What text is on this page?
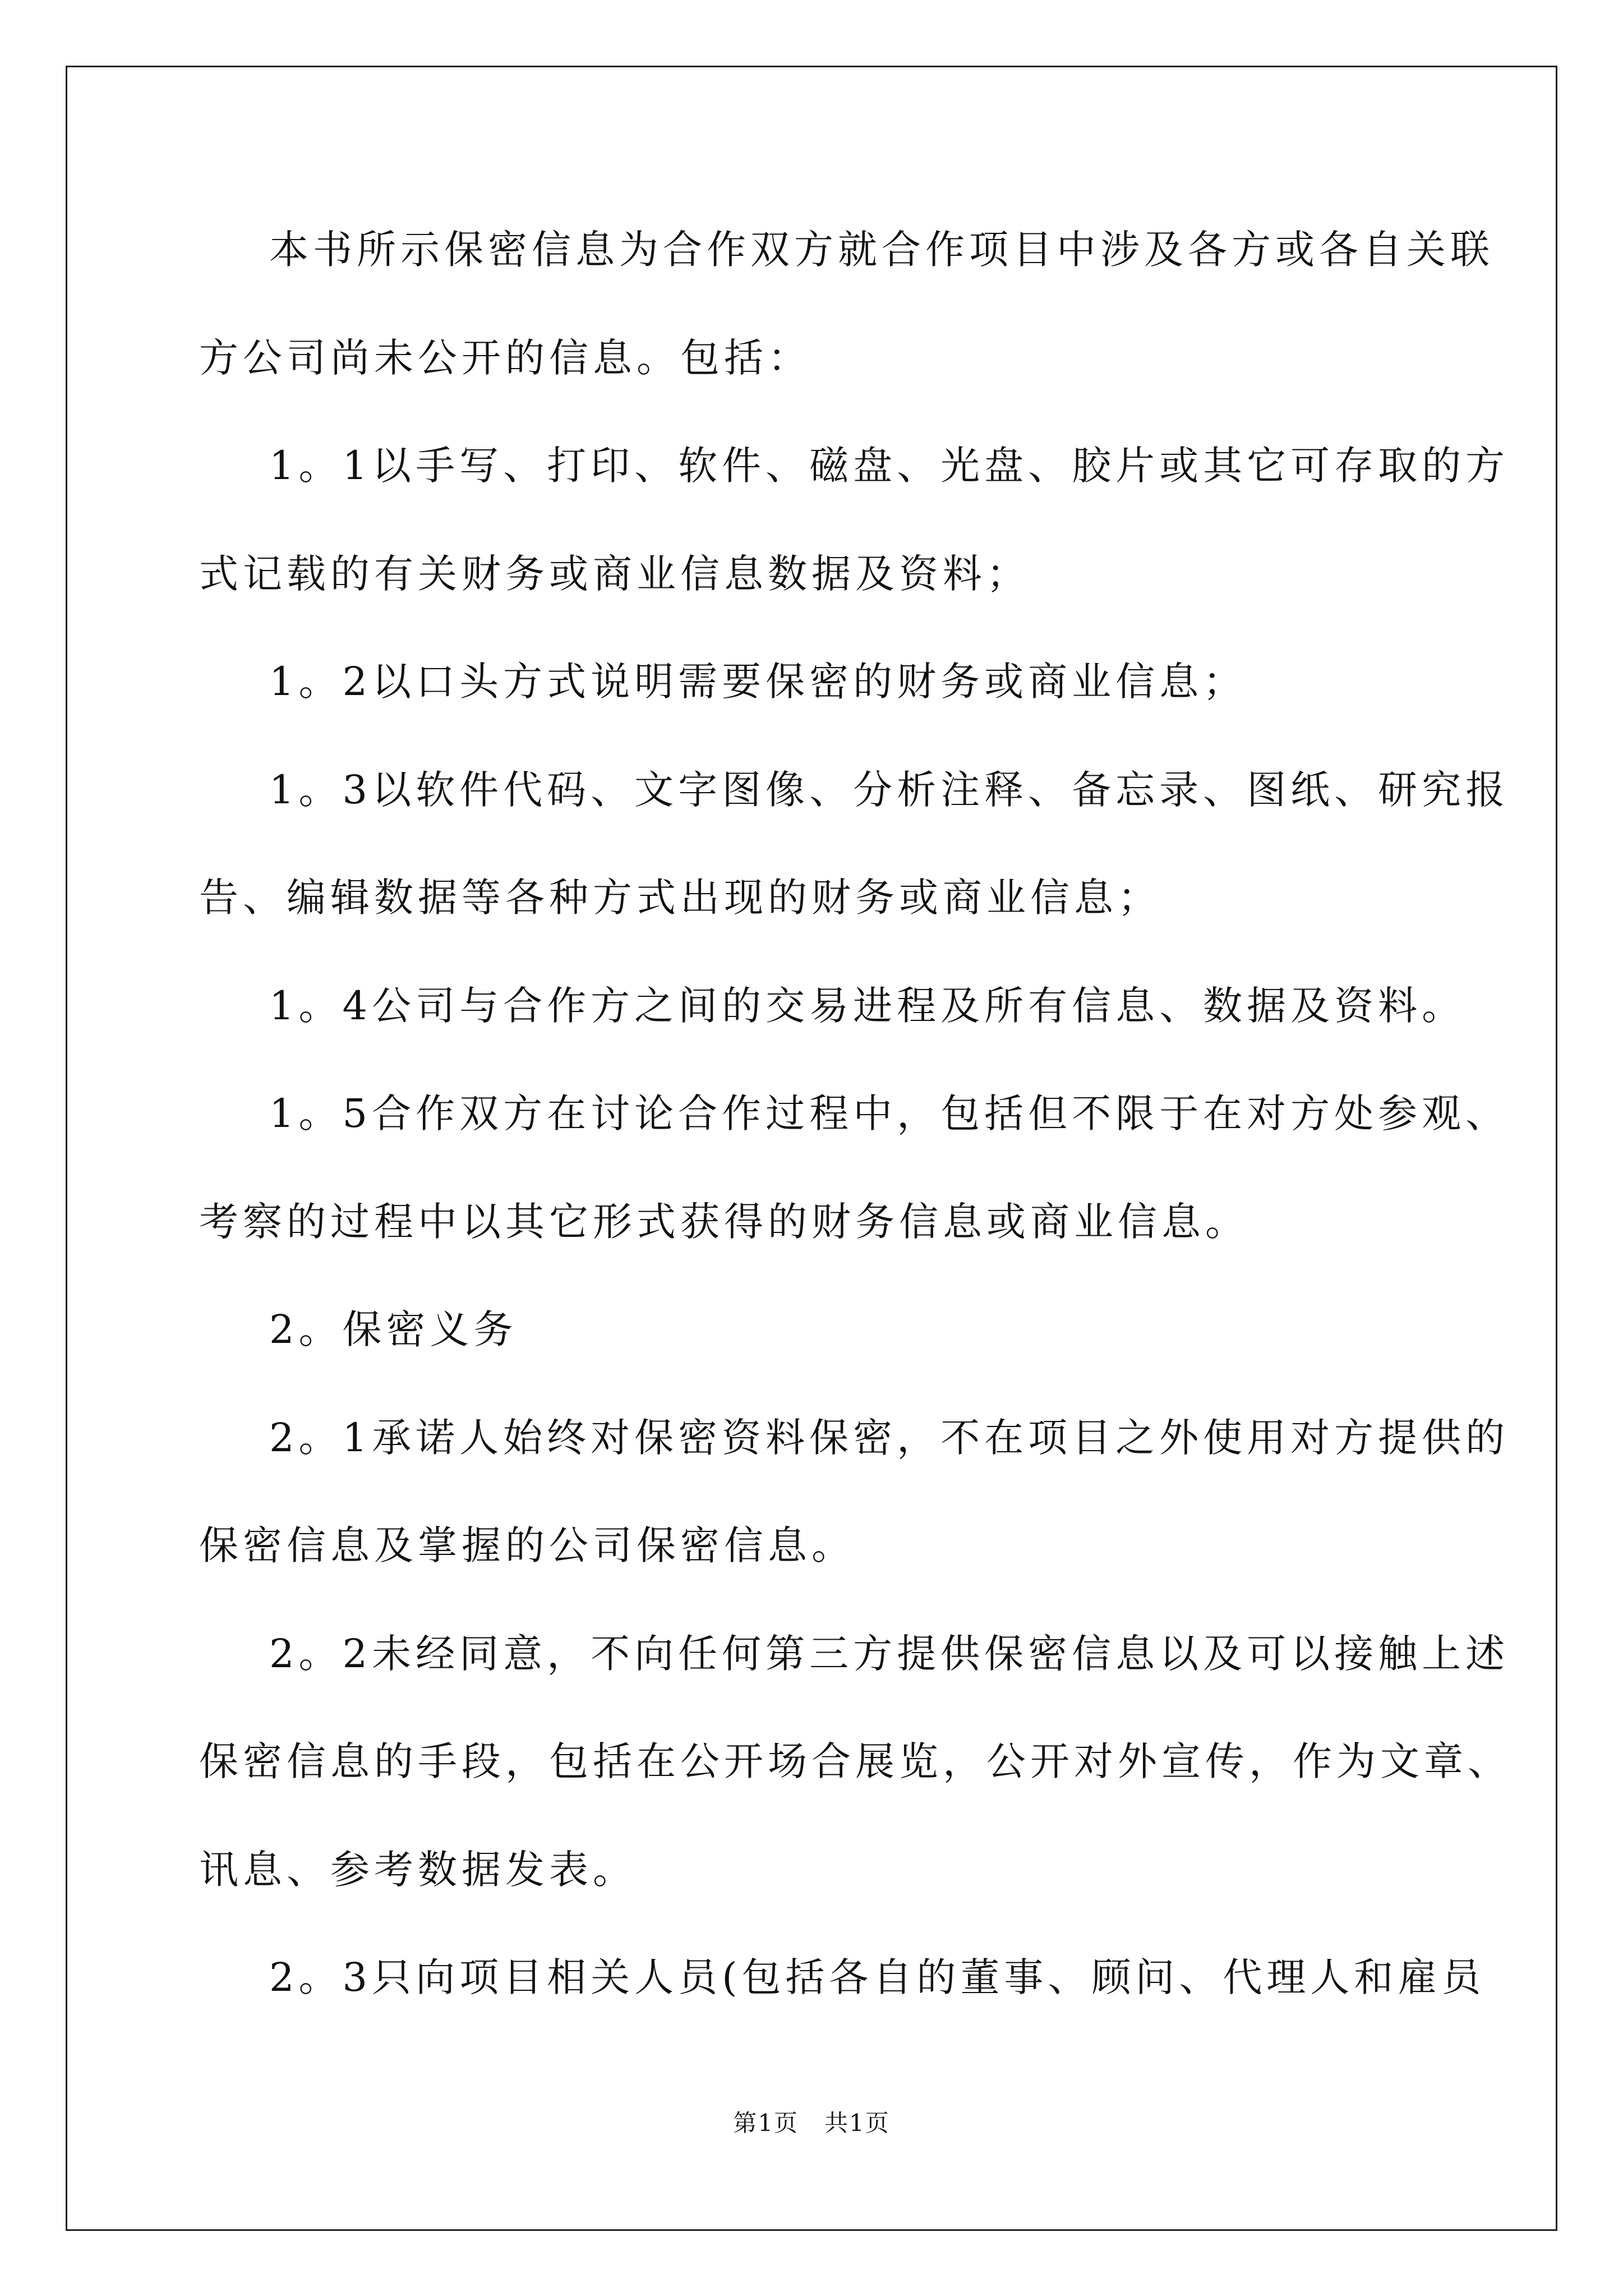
本书所示保密信息为合作双方就合作项目中涉及各方或各自关联
方公司尚未公开的信息。包括：
1。1以手写、打印、软件、磁盘、光盘、胶片或其它可存取的方
式记载的有关财务或商业信息数据及资料；
1。2以口头方式说明需要保密的财务或商业信息；
1。3以软件代码、文字图像、分析注释、备忘录、图纸、研究报
告、编辑数据等各种方式出现的财务或商业信息；
1。4公司与合作方之间的交易进程及所有信息、数据及资料。
1。5合作双方在讨论合作过程中，包括但不限于在对方处参观、
考察的过程中以其它形式获得的财务信息或商业信息。
2。保密义务
2。1承诺人始终对保密资料保密，不在项目之外使用对方提供的
保密信息及掌握的公司保密信息。
2。2未经同意，不向任何第三方提供保密信息以及可以接触上述
保密信息的手段，包括在公开场合展览，公开对外宣传，作为文章、
讯息、参考数据发表。
2。3只向项目相关人员(包括各自的董事、顾问、代理人和雇员
第1页   共1页
